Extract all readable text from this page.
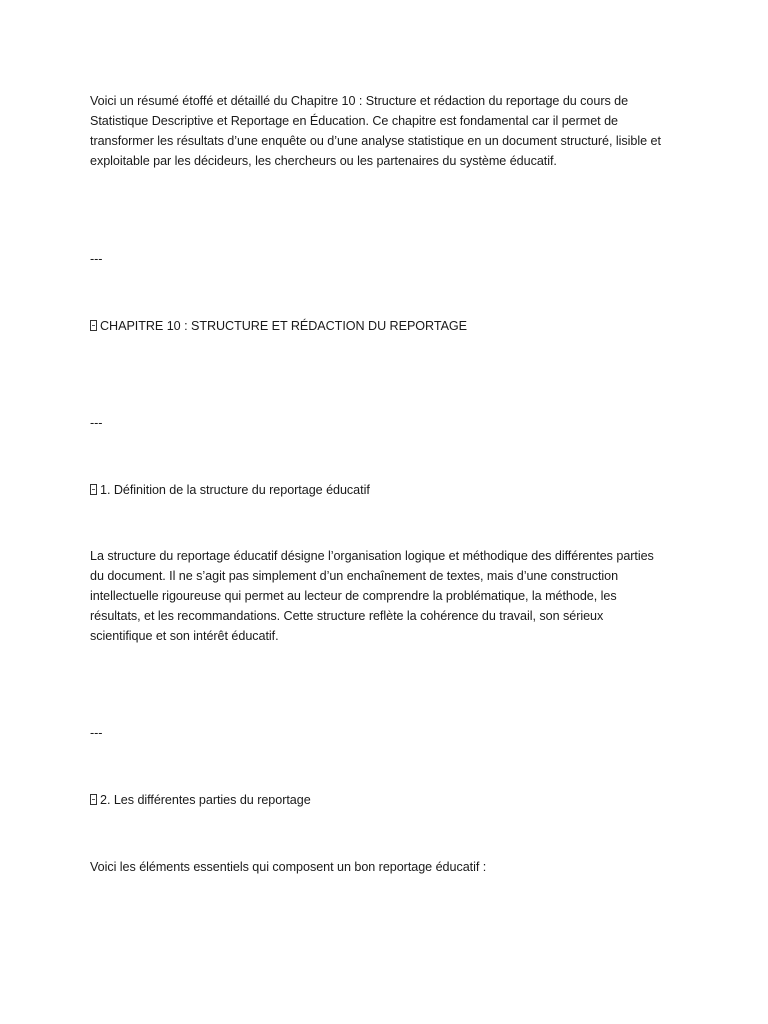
Voici un résumé étoffé et détaillé du Chapitre 10 : Structure et rédaction du reportage du cours de
Statistique Descriptive et Reportage en Éducation. Ce chapitre est fondamental car il permet de
transformer les résultats d’une enquête ou d’une analyse statistique en un document structuré, lisible et
exploitable par les décideurs, les chercheurs ou les partenaires du système éducatif.

---

CHAPITRE 10 : STRUCTURE ET RÉDACTION DU REPORTAGE

---

1. Définition de la structure du reportage éducatif

La structure du reportage éducatif désigne l’organisation logique et méthodique des différentes parties
du document. Il ne s’agit pas simplement d’un enchaînement de textes, mais d’une construction
intellectuelle rigoureuse qui permet au lecteur de comprendre la problématique, la méthode, les
résultats, et les recommandations. Cette structure reflète la cohérence du travail, son sérieux
scientifique et son intérêt éducatif.

---

2. Les différentes parties du reportage

Voici les éléments essentiels qui composent un bon reportage éducatif :
